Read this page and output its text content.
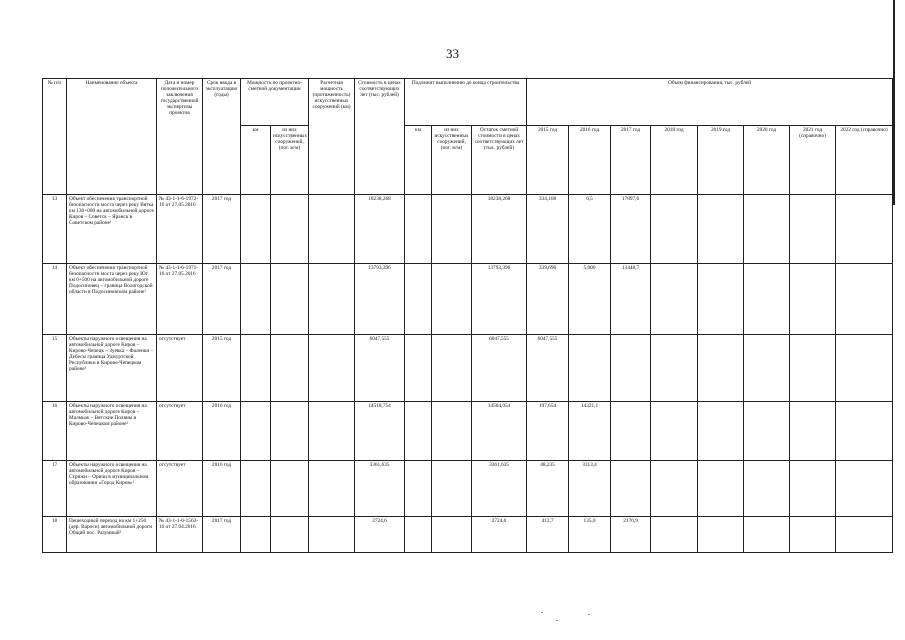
33
№ п/п	Наименование объекта	Дата и номер положительного заключения государственной экспертизы проектов	Срок ввода в эксплуатацию (годы)	Мощность по проектно-сметной документации		Расчетная мощность (протяженность) искусственных сооружений (км)	Стоимость в ценах соответствующих лет (тыс. рублей)	Подлежит выполнению до конца строительства			Объем финансирования, тыс. рублей							
				км	из них искусственных сооружений, (пог. м/м)			км	из них искусственных сооружений, (пог. м/м)	Остаток сметной стоимости в ценах соответствующих лет (тыс. рублей)	2015 год	2016 год	2017 год	2018 год	2019 год	2020 год	2021 год (справочно)	2022 год (справочно)
13	Объект обеспечения транспортной безопасности моста через реку Вятка км 130+000 на автомобильной дороге Киров – Советск – Яранск в Советском районе¹	№ 43-1-1-6-1972-16 от 27.05.2016	2017 год				18238,268			18238,268	334,168	6,5	17897,6					
14	Объект обеспечения транспортной безопасности моста через реку Юг км 0+500 на автомобильной дороге Подосиновец – граница Вологодской области в Подосиновском районе¹	№ 43-1-1-6-1971-16 от 27.05.2016	2017 год				13793,396			13793,396	339,696	5,000	13448,7					
15	Объекты наружного освещения на автомобильной дороге Киров – Кирово-Чепецк – Зуевка – Фаленки – Дебесы граница Удмуртской Республики в Кирово-Чепецком районе¹	отсутствует	2015 год				6047,555			6047,555	6047,555							
16	Объекты наружного освещения на автомобильной дороге Киров – Малмыж – Вятские Поляны в Кирово-Чепецком районе¹	отсутствует	2016 год				14518,754			14504,054	197,654	14321,1						
17	Объекты наружного освещения на автомобильной дороге Киров – Стрижи – Оричи в муниципальном образовании «Город Киров»¹	отсутствует	2016 год				3361,635			3361,635	48,235	3313,4						
18	Пешеходный переход на км 1+250 (дер. Вароси) автомобильной дороги Общий пос. Разумный²	№ 43-1-1-6-1563-16 от 27.04.2016	2017 год				2724,6			2724,6	412,7	135,0	2176,9					
